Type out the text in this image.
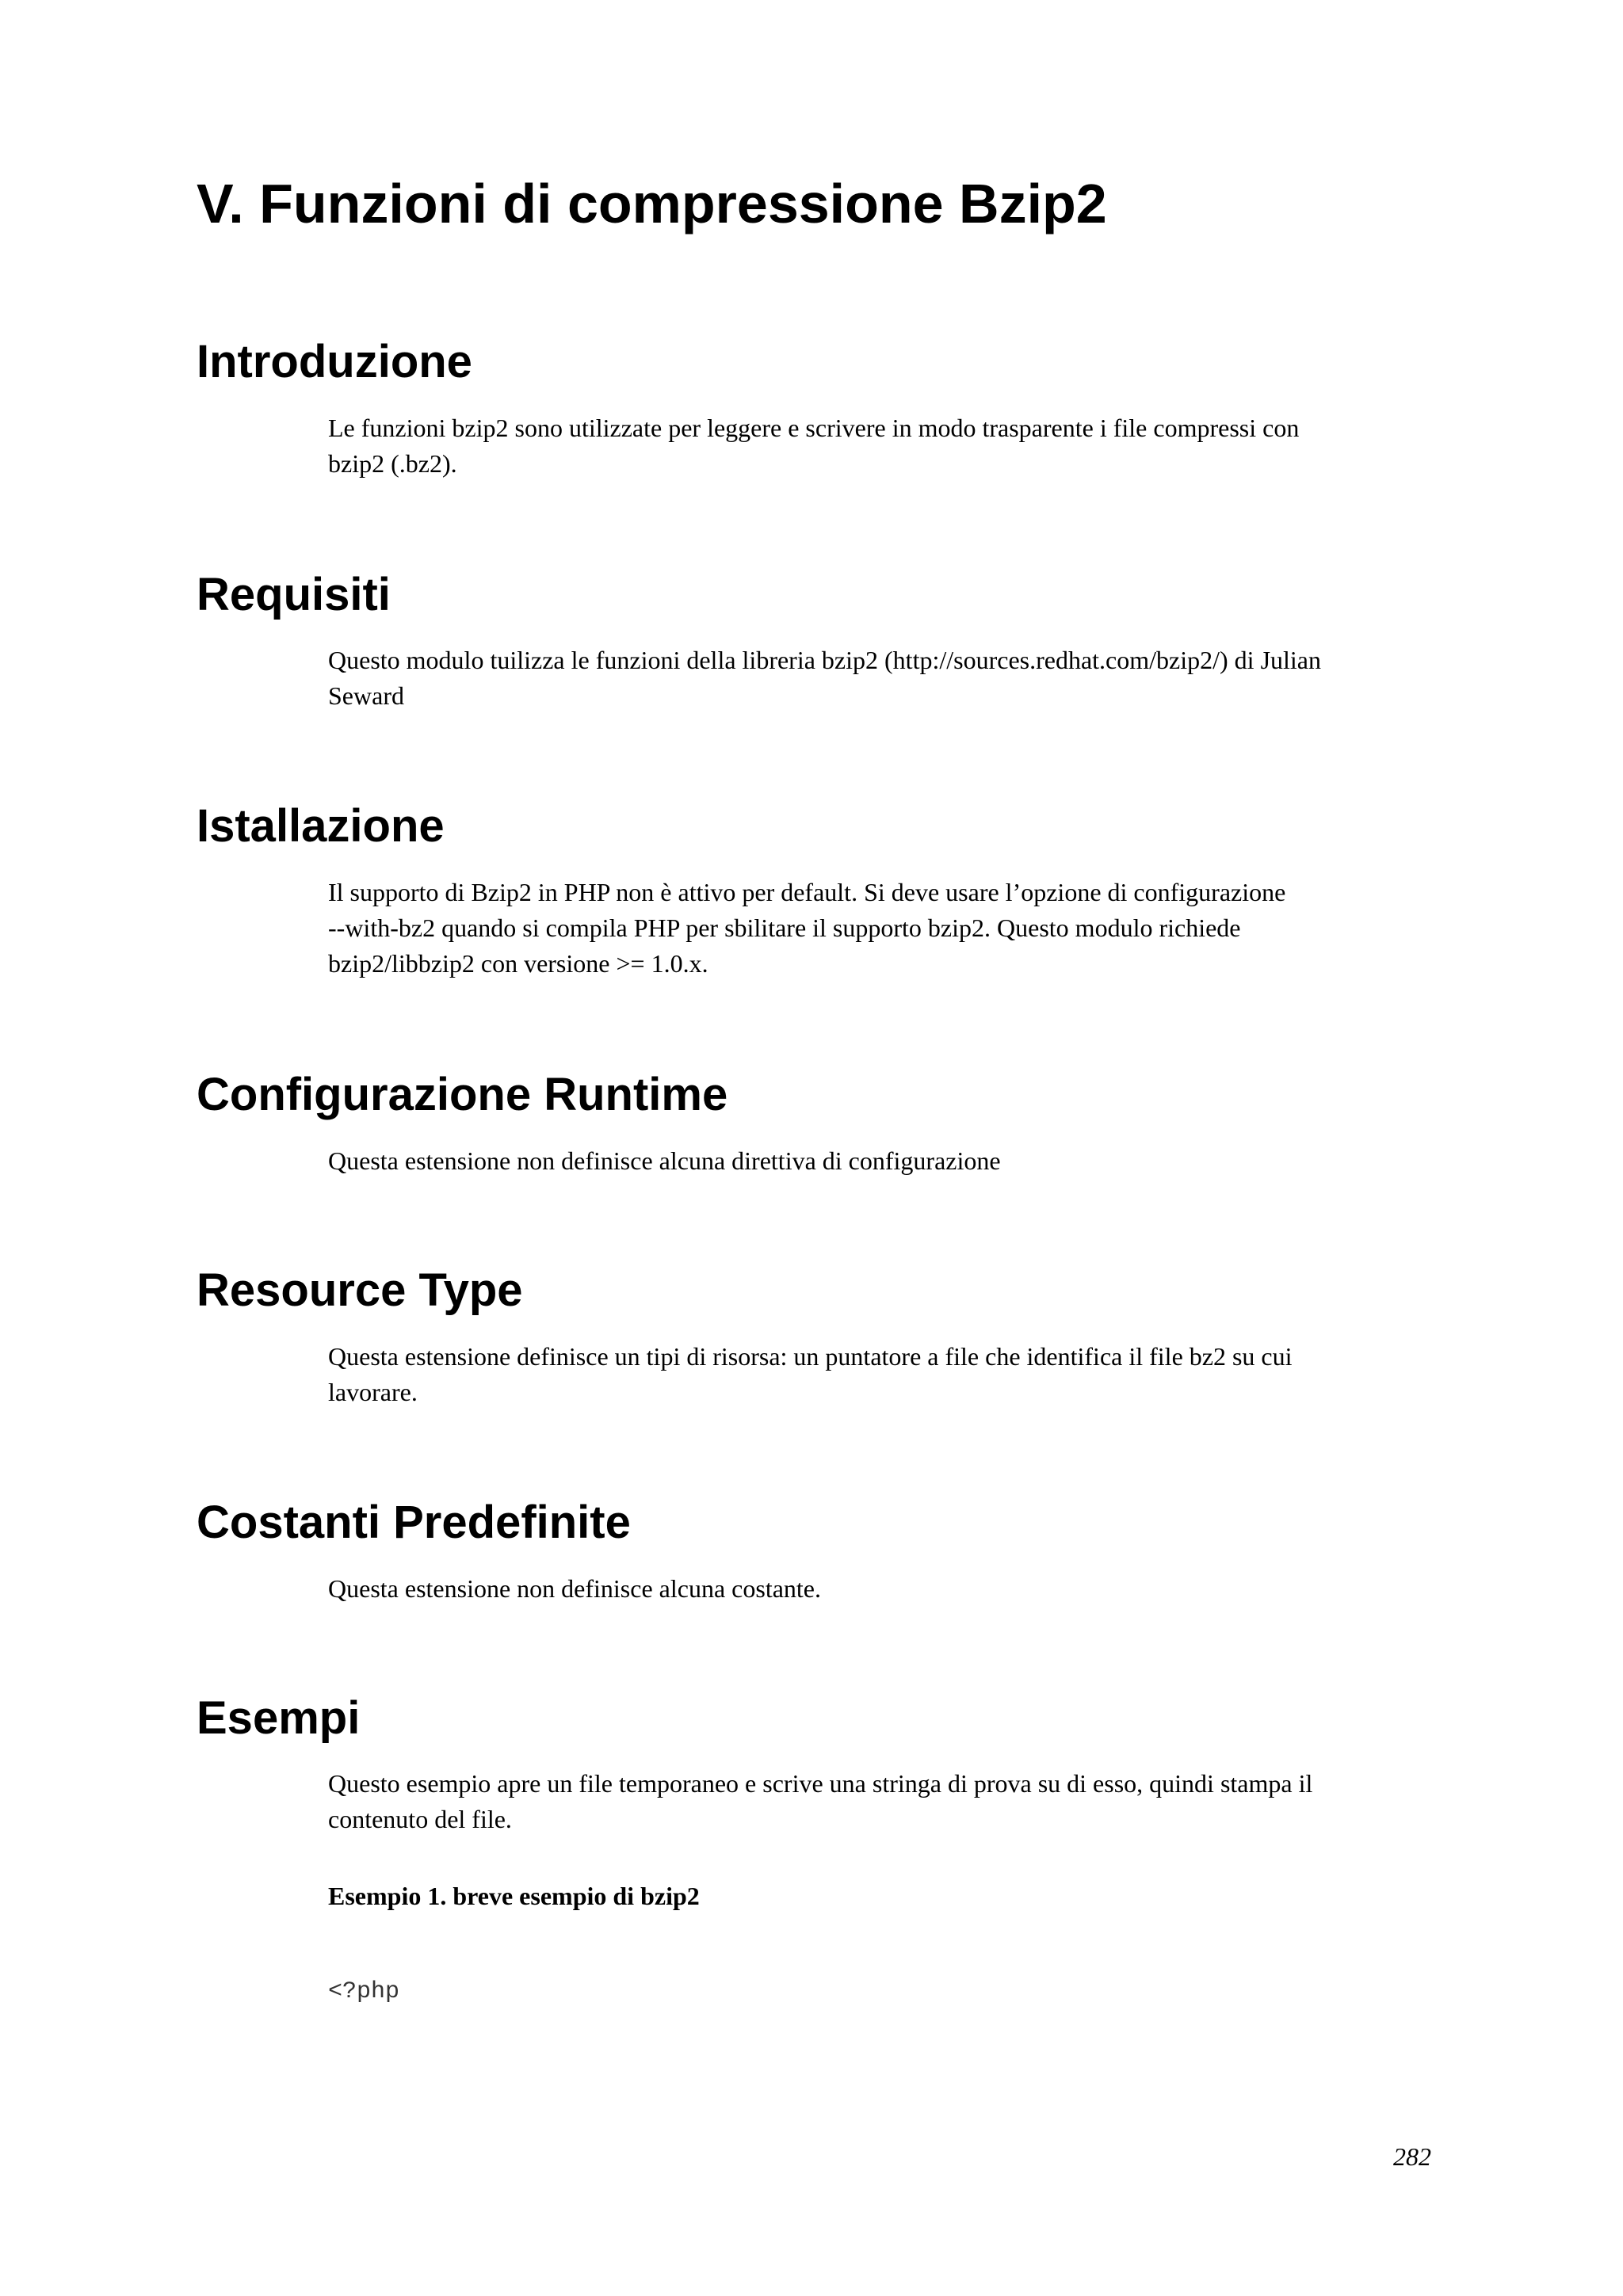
V. Funzioni di compressione Bzip2
Introduzione

Le funzioni bzip2 sono utilizzate per leggere e scrivere in modo trasparente i file compressi con
bzip2 (.bz2).

Requisiti

Questo modulo tuilizza le funzioni della libreria bzip2 (http://sources.redhat.com/bzip2/) di Julian
Seward

Istallazione

Il supporto di Bzip2 in PHP non è attivo per default. Si deve usare l’opzione di configurazione
--with-bz2 quando si compila PHP per sbilitare il supporto bzip2. Questo modulo richiede
bzip2/libbzip2 con versione >= 1.0.x.

Configurazione Runtime

Questa estensione non definisce alcuna direttiva di configurazione

Resource Type

Questa estensione definisce un tipi di risorsa: un puntatore a file che identifica il file bz2 su cui
lavorare.

Costanti Predefinite

Questa estensione non definisce alcuna costante.

Esempi

Questo esempio apre un file temporaneo e scrive una stringa di prova su di esso, quindi stampa il
contenuto del file.

Esempio 1. breve esempio di bzip2

<?php

282
